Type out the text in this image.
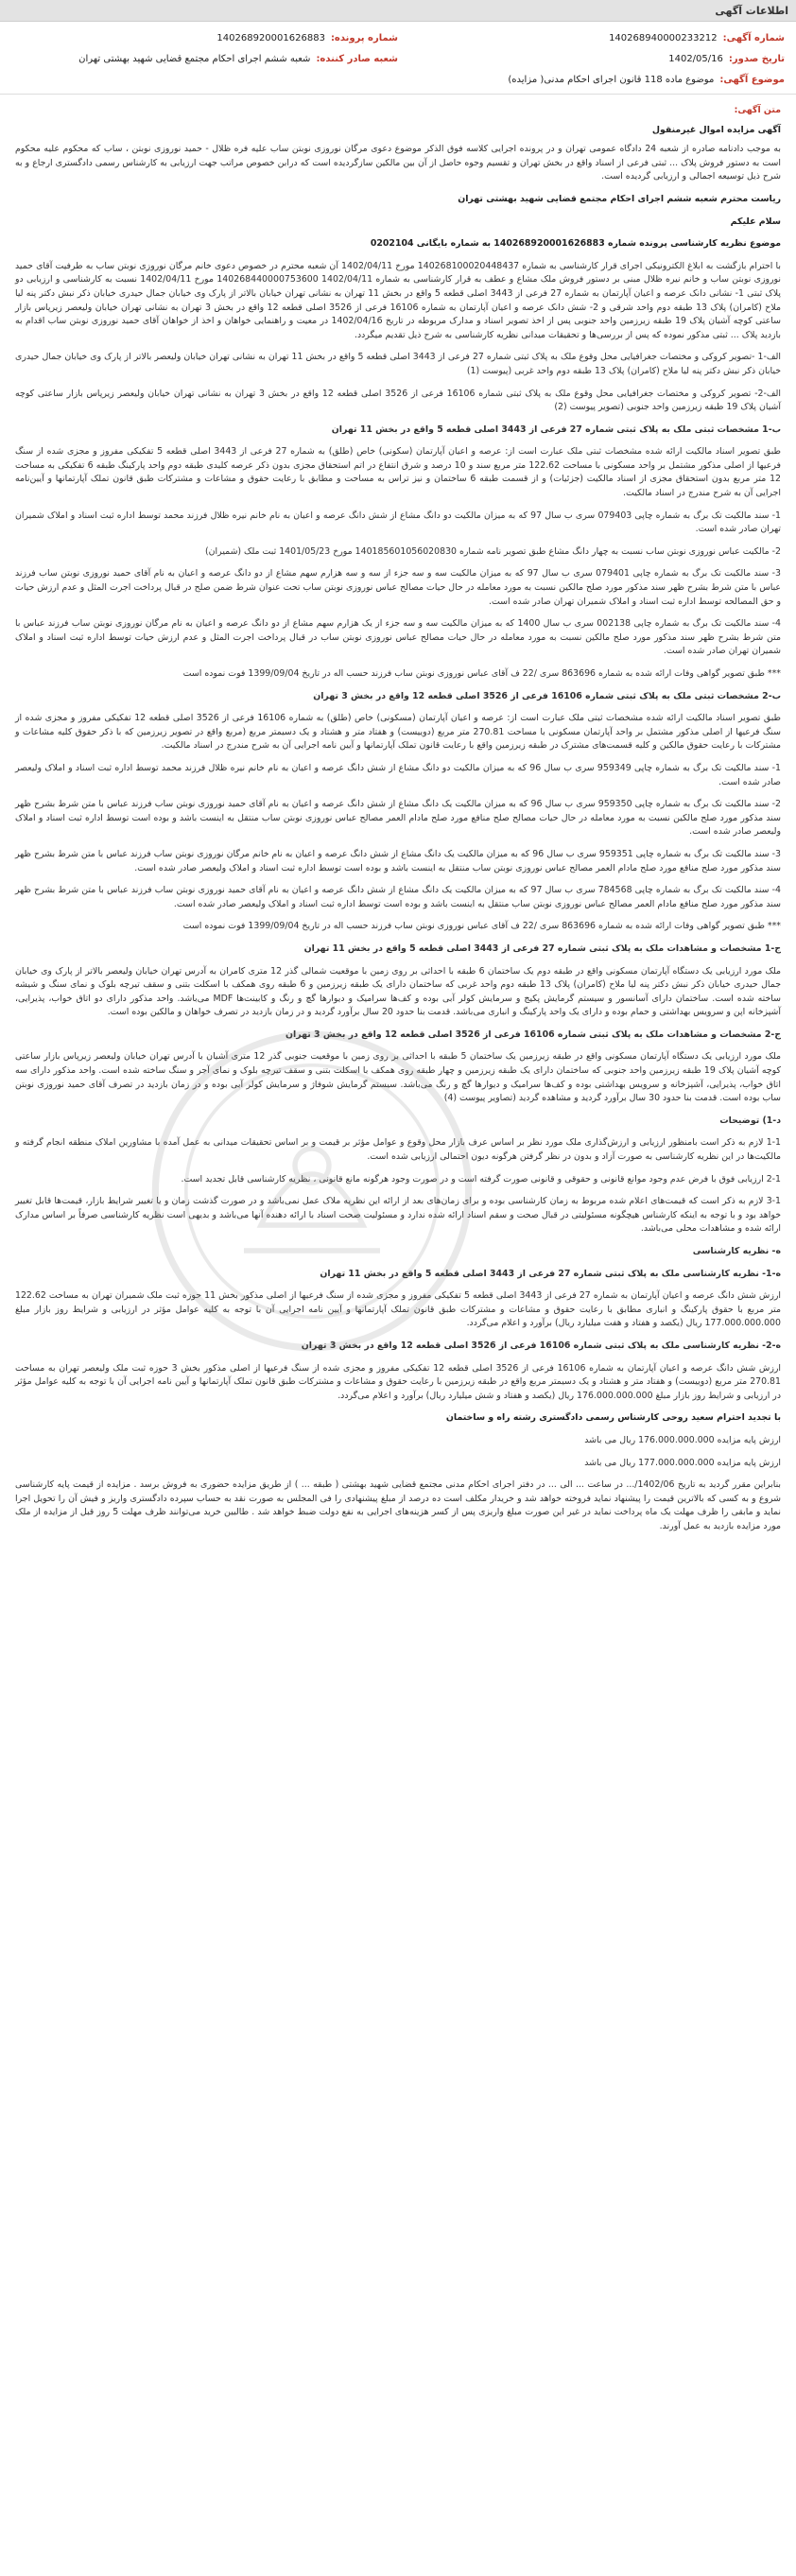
اطلاعات آگهی
شماره آگهی:
140268940000233212
شماره پرونده:
140268920001626883
تاریخ صدور:
1402/05/16
شعبه صادر کننده:
شعبه ششم اجرای احکام مجتمع قضایی شهید بهشتی تهران
موضوع آگهی:
موضوع ماده 118 قانون اجرای احکام مدنی( مزایده)
متن آگهی:
آگهی مزایده اموال غیرمنقول

به موجب دادنامه صادره از شعبه 24 دادگاه عمومی تهران و در پرونده اجرایی کلاسه فوق الذکر موضوع دعوی مرگان نوروزی نوبتن ساب علیه فره ظلال - حمید نوروزی نوبتن ، ساب که محکوم علیه محکوم است به دستور فروش پلاک ... ثبتی فرعی از اسناد واقع در بخش تهران و تقسیم وجوه حاصل از آن بین مالکین سازگردیده است که درابن خصوص مراتب جهت ارزیابی به کارشناس رسمی دادگستری ارجاع و به شرح ذیل توسیعه اجمالی و ارزیابی گردیده است.

ریاست محترم شعبه ششم اجرای احکام مجتمع قضایی شهید بهشتی تهران

سلام علیکم

موضوع نظریه کارشناسی پرونده شماره 140268920001626883 به شماره بایگانی 0202104

با احترام بازگشت به ابلاغ الکترونیکی اجرای قرار کارشناسی به شماره 140268100020448437 مورخ 1402/04/11 آن شعبه محترم در خصوص دعوی خانم مرگان نوروزی نوبتن ساب به طرفیت آقای حمید نوروزی نوبتن ساب و خانم نیره ظلال مبنی بر دستور فروش ملک مشاع و عطف به قرار کارشناسی به شماره 1402/04/11 140268440000753600 مورخ 1402/04/11 نسبت به کارشناسی و ارزیابی دو پلاک ثبتی 1- نشانی دانک عرصه و اعیان آپارتمان به شماره 27 فرعی از 3443 اصلی قطعه 5 واقع در بخش 11 تهران به نشانی تهران خیابان بالاتر از پارک وی خیابان جمال حیدری خیابان ذکر نبش دکتر پنه لیا ملاح (کامران) پلاک 13 طبقه دوم واحد شرقی و 2- شش دانک عرصه و اعیان آپارتمان به شماره 16106 فرعی از 3526 اصلی قطعه 12 واقع در بخش 3 تهران به نشانی تهران خیابان ولیعصر زیرپاس بازار ساعتی کوچه آشیان پلاک 19 طبقه زیرزمین واحد جنوبی پس از اخذ تصویر اسناد و مدارک مربوطه در تاریخ 1402/04/16 در معیت و راهنمایی خواهان و اخذ از خواهان آقای حمید نوروزی نوبتن ساب اقدام به بازدید پلاک ... ثبتی مذکور نموده که پس از بررسی‌ها و تحقیقات میدانی نظریه کارشناسی به شرح ذیل تقدیم میگردد.

الف-1 -تصویر کروکی و مختصات جغرافیایی محل وقوع ملک به پلاک ثبتی شماره 27 فرعی از 3443 اصلی قطعه 5 واقع در بخش 11 تهران به نشانی تهران خیابان ولیعصر بالاتر از پارک وی خیابان جمال حیدری خیابان ذکر نبش دکتر پنه لیا ملاح (کامران) پلاک 13 طبقه دوم واحد غربی (پیوست (1)

الف-2- تصویر کروکی و مختصات جغرافیایی محل وقوع ملک به پلاک ثبتی شماره 16106 فرعی از 3526 اصلی قطعه 12 واقع در بخش 3 تهران به نشانی تهران خیابان ولیعصر زیرپاس بازار ساعتی کوچه آشیان پلاک 19 طبقه زیرزمین واحد جنوبی (تصویر پیوست (2)

ب-1 مشخصات ثبتی ملک به پلاک ثبتی شماره 27 فرعی از 3443 اصلی قطعه 5 واقع در بخش 11 تهران

طبق تصویر اسناد مالکیت ارائه شده مشخصات ثبتی ملک عبارت است از: عرصه و اعیان آپارتمان (سکونی) خاص (طلق) به شماره 27 فرعی از 3443 اصلی قطعه 5 تفکیکی مفروز و مجزی شده از سنگ فرعیها از اصلی مذکور مشتمل بر واحد مسکونی با مساحت 122.62 متر مربع سند و 10 درصد و شرق انتفاع در اتم استحقاق مجزی بدون ذکر عرصه کلیدی طبقه دوم واحد پارکینگ طبقه 6 تفکیکی به مساحت 12 متر مربع بدون استحقاق مجزی از اسناد مالکیت (جزئیات) و از قسمت طبقه 6 ساختمان و نیز تراس به مساحت و مطابق با رعایت حقوق و مشاعات و مشترکات طبق قانون تملک آپارتمانها و آیین‌نامه اجرایی آن به شرح مندرج در اسناد مالکیت.

1- سند مالکیت تک برگ به شماره چاپی 079403 سری ب سال 97 که به میزان مالکیت دو دانگ مشاع از شش دانگ عرصه و اعیان به نام خانم نیره ظلال فرزند محمد توسط اداره ثبت اسناد و املاک شمیران تهران صادر شده است.

2- مالکیت عباس نوروزی نوبتن ساب نسبت به چهار دانگ مشاع طبق تصویر نامه شماره 140185601056020830 مورخ 1401/05/23 ثبت ملک (شمیران)

3- سند مالکیت تک برگ به شماره چاپی 079401 سری ب سال 97 که به میزان مالکیت سه و سه جزء از سه و سه هزارم سهم مشاع از دو دانگ عرصه و اعیان به نام آقای حمید نوروزی نوبتن ساب فرزند عباس با متن شرط بشرح ظهر سند مذکور مورد صلح مالکین نسبت به مورد معامله در حال حیات مصالح عباس نوروزی نوبتن ساب تحت عنوان شرط ضمن صلح در قبال پرداخت اجرت المثل و عدم ارزش حیات و حق المصالحه توسط اداره ثبت اسناد و املاک شمیران تهران صادر شده است.

4- سند مالکیت تک برگ به شماره چاپی 002138 سری ب سال 1400 که به میزان مالکیت سه و سه جزء از یک هزارم سهم مشاع از دو دانگ عرصه و اعیان به نام مرگان نوروزی نوبتن ساب فرزند عباس با متن شرط بشرح ظهر سند مذکور مورد صلح مالکین نسبت به مورد معامله در حال حیات مصالح عباس نوروزی نوبتن ساب در قبال پرداخت اجرت المثل و عدم ارزش حیات توسط اداره ثبت اسناد و املاک شمیران تهران صادر شده است.

*** طبق تصویر گواهی وفات ارائه شده به شماره 863696 سری /22 ف آقای عباس نوروزی نوبتن ساب فرزند حسب اله در تاریخ 1399/09/04 فوت نموده است

ب-2 مشخصات ثبتی ملک به پلاک ثبتی شماره 16106 فرعی از 3526 اصلی قطعه 12 واقع در بخش 3 تهران

طبق تصویر اسناد مالکیت ارائه شده مشخصات ثبتی ملک عبارت است از: عرصه و اعیان آپارتمان (مسکونی) خاص (طلق) به شماره 16106 فرعی از 3526 اصلی قطعه 12 تفکیکی مفروز و مجزی شده از سنگ فرعیها از اصلی مذکور مشتمل بر واحد آپارتمان مسکونی با مساحت 270.81 متر مربع (دوییست) و هفتاد متر و هشتاد و یک دسیمتر مربع (مربع واقع در تصویر زیرزمین که با ذکر حقوق کلیه مشاعات و مشترکات با رعایت حقوق مالکین و کلیه قسمت‌های مشترک در طبقه زیرزمین واقع با رعایت قانون تملک آپارتمانها و آیین نامه اجرایی آن به شرح مندرج در اسناد مالکیت.

1- سند مالکیت تک برگ به شماره چاپی 959349 سری ب سال 96 که به میزان مالکیت دو دانگ مشاع از شش دانگ عرصه و اعیان به نام خانم نیره ظلال فرزند محمد توسط اداره ثبت اسناد و املاک ولیعصر صادر شده است.

2- سند مالکیت تک برگ به شماره چاپی 959350 سری ب سال 96 که به میزان مالکیت یک دانگ مشاع از شش دانگ عرصه و اعیان به نام آقای حمید نوروزی نوبتن ساب فرزند عباس با متن شرط بشرح ظهر سند مذکور مورد صلح مالکین نسبت به مورد معامله در حال حیات مصالح صلح منافع مورد صلح مادام العمر مصالح عباس نوروزی نوبتن ساب منتقل به اینست باشد و بوده است توسط اداره ثبت اسناد و املاک ولیعصر صادر شده است.

3- سند مالکیت تک برگ به شماره چاپی 959351 سری ب سال 96 که به میزان مالکیت یک دانگ مشاع از شش دانگ عرصه و اعیان به نام خانم مرگان نوروزی نوبتن ساب فرزند عباس با متن شرط بشرح ظهر سند مذکور مورد صلح منافع مورد صلح مادام العمر مصالح عباس نوروزی نوبتن ساب منتقل به اینست باشد و بوده است توسط اداره ثبت اسناد و املاک ولیعصر صادر شده است.

4- سند مالکیت تک برگ به شماره چاپی 784568 سری ب سال 97 که به میزان مالکیت یک دانگ مشاع از شش دانگ عرصه و اعیان به نام آقای حمید نوروزی نوبتن ساب فرزند عباس با متن شرط بشرح ظهر سند مذکور مورد صلح منافع مادام العمر مصالح عباس نوروزی نوبتن ساب منتقل به اینست باشد و بوده است توسط اداره ثبت اسناد و املاک ولیعصر صادر شده است.

*** طبق تصویر گواهی وفات ارائه شده به شماره 863696 سری /22 ف آقای عباس نوروزی نوبتن ساب فرزند حسب اله در تاریخ 1399/09/04 فوت نموده است

ج-1 مشخصات و مشاهدات ملک به پلاک ثبتی شماره 27 فرعی از 3443 اصلی قطعه 5 واقع در بخش 11 تهران

ملک مورد ارزیابی یک دستگاه آپارتمان مسکونی واقع در طبقه دوم یک ساختمان 6 طبقه با احداثی بر روی زمین با موقعیت شمالی گذر 12 متری کامران به آدرس تهران خیابان ولیعصر بالاتر از پارک وی خیابان جمال حیدری خیابان ذکر نبش دکتر پنه لیا ملاح (کامران) پلاک 13 طبقه دوم واحد غربی که ساختمان دارای یک طبقه زیرزمین و 6 طبقه روی همکف با اسکلت بتنی و سقف تیرچه بلوک و نمای سنگ و شیشه ساخته شده است. ساختمان دارای آسانسور و سیستم گرمایش پکیج و سرمایش کولر آبی بوده و کف‌ها سرامیک و دیوارها گچ و رنگ و کابینت‌ها MDF می‌باشد. واحد مذکور دارای دو اتاق خواب، پذیرایی، آشپزخانه اپن و سرویس بهداشتی و حمام بوده و دارای یک واحد پارکینگ و انباری می‌باشد. قدمت بنا حدود 20 سال برآورد گردید و در زمان بازدید در تصرف خواهان و مالکین بوده است.

ج-2 مشخصات و مشاهدات ملک به پلاک ثبتی شماره 16106 فرعی از 3526 اصلی قطعه 12 واقع در بخش 3 تهران

ملک مورد ارزیابی یک دستگاه آپارتمان مسکونی واقع در طبقه زیرزمین یک ساختمان 5 طبقه با احداثی بر روی زمین با موقعیت جنوبی گذر 12 متری آشیان با آدرس تهران خیابان ولیعصر زیرپاس بازار ساعتی کوچه آشیان پلاک 19 طبقه زیرزمین واحد جنوبی که ساختمان دارای یک طبقه زیرزمین و چهار طبقه روی همکف با اسکلت بتنی و سقف تیرچه بلوک و نمای آجر و سنگ ساخته شده است. واحد مذکور دارای سه اتاق خواب، پذیرایی، آشپزخانه و سرویس بهداشتی بوده و کف‌ها سرامیک و دیوارها گچ و رنگ می‌باشد. سیستم گرمایش شوفاژ و سرمایش کولر آبی بوده و در زمان بازدید در تصرف آقای حمید نوروزی نوبتن ساب بوده است. قدمت بنا حدود 30 سال برآورد گردید و مشاهده گردید (تصاویر پیوست (4)

د-1) توضیحات

1-1 لازم به ذکر است بامنظور ارزیابی و ارزش‌گذاری ملک مورد نظر بر اساس عرف بازار محل وقوع و عوامل مؤثر بر قیمت و بر اساس تحقیقات میدانی به عمل آمده با مشاورین املاک منطقه انجام گرفته و مالکیت‌ها در این نظریه کارشناسی به صورت آزاد و بدون در نظر گرفتن هرگونه دیون احتمالی ارزیابی شده است.

2-1 ارزیابی فوق با فرض عدم وجود موانع قانونی و حقوقی و قانونی صورت گرفته است و در صورت وجود هرگونه مانع قانونی ، نظریه کارشناسی قابل تجدید است.

3-1 لازم به ذکر است که قیمت‌های اعلام شده مربوط به زمان کارشناسی بوده و برای زمان‌های بعد از ارائه این نظریه ملاک عمل نمی‌باشد و در صورت گذشت زمان و یا تغییر شرایط بازار، قیمت‌ها قابل تغییر خواهد بود و با توجه به اینکه کارشناس هیچگونه مسئولیتی در قبال صحت و سقم اسناد ارائه شده ندارد و مسئولیت صحت اسناد با ارائه دهنده آنها می‌باشد و بدیهی است نظریه کارشناسی صرفاً بر اساس مدارک ارائه شده و مشاهدات محلی می‌باشد.

ه- نظریه کارشناسی

ه-1- نظریه کارشناسی ملک به پلاک ثبتی شماره 27 فرعی از 3443 اصلی قطعه 5 واقع در بخش 11 تهران

ارزش شش دانگ عرصه و اعیان آپارتمان به شماره 27 فرعی از 3443 اصلی قطعه 5 تفکیکی مفروز و مجزی شده از سنگ فرعیها از اصلی مذکور بخش 11 حوزه ثبت ملک شمیران تهران به مساحت 122.62 متر مربع با حقوق پارکینگ و انباری مطابق با رعایت حقوق و مشاعات و مشترکات طبق قانون تملک آپارتمانها و آیین نامه اجرایی آن با توجه به کلیه عوامل مؤثر در ارزیابی و شرایط روز بازار مبلغ 177.000.000.000 ریال (یکصد و هفتاد و هفت میلیارد ریال) برآورد و اعلام می‌گردد.

ه-2- نظریه کارشناسی ملک به پلاک ثبتی شماره 16106 فرعی از 3526 اصلی قطعه 12 واقع در بخش 3 تهران

ارزش شش دانگ عرصه و اعیان آپارتمان به شماره 16106 فرعی از 3526 اصلی قطعه 12 تفکیکی مفروز و مجزی شده از سنگ فرعیها از اصلی مذکور بخش 3 حوزه ثبت ملک ولیعصر تهران به مساحت 270.81 متر مربع (دوییست) و هفتاد متر و هشتاد و یک دسیمتر مربع واقع در طبقه زیرزمین با رعایت حقوق و مشاعات و مشترکات طبق قانون تملک آپارتمانها و آیین نامه اجرایی آن با توجه به کلیه عوامل مؤثر در ارزیابی و شرایط روز بازار مبلغ 176.000.000.000 ریال (یکصد و هفتاد و شش میلیارد ریال) برآورد و اعلام می‌گردد.

با تجدید احترام سعید روحی کارشناس رسمی دادگستری رشته راه و ساختمان

ارزش پایه مزایده 176.000.000.000 ریال می باشد

ارزش پایه مزایده 177.000.000.000 ریال می باشد

بنابراین مقرر گردید به تاریخ 1402/06/... در ساعت ... الی ... در دفتر اجرای احکام مدنی مجتمع قضایی شهید بهشتی ( طبقه ... ) از طریق مزایده حضوری به فروش برسد . مزایده از قیمت پایه کارشناسی شروع و به کسی که بالاترین قیمت را پیشنهاد نماید فروخته خواهد شد و خریدار مکلف است ده درصد از مبلغ پیشنهادی را فی المجلس به صورت نقد به حساب سپرده دادگستری واریز و فیش آن را تحویل اجرا نماید و مابقی را ظرف مهلت یک ماه پرداخت نماید در غیر این صورت مبلغ واریزی پس از کسر هزینه‌های اجرایی به نفع دولت ضبط خواهد شد . طالبین خرید می‌توانند ظرف مهلت 5 روز قبل از مزایده از ملک مورد مزایده بازدید به عمل آورند.
